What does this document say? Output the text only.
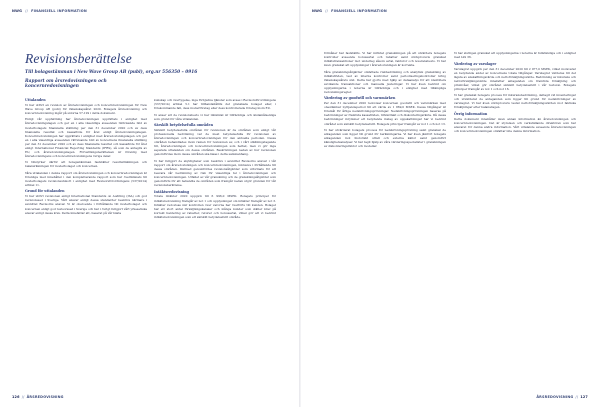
NWG // FINANSIELL INFORMATION
Revisionsberättelse
Till bolagsstämman i New Wave Group AB (publ), org.nr 556350 – 0916
Rapport om årsredovisningen och koncernredovisningen
Uttalanden

Vi har utfört en revision av årsredovisningen och koncernredovisningen för New Wave Group AB (publ) för räkenskapsåret 2020. Bolagets årsredovisning och koncernredovisning ingår på sidorna 57-129 i detta dokument.

Enligt vår uppfattning har årsredovisningen upprättats i enlighet med årsredovisningslagen och ger en i alla väsentliga avseenden rättvisande bild av moderbolagets finansiella ställning per den 31 december 2020 och av dess finansiella resultat och kassaflöde för året enligt årsredovisningslagen. Koncernredovisningen har upprättats i enlighet med årsredovisningslagen och ger en i alla väsentliga avseenden rättvisande bild av koncernens finansiella ställning per den 31 december 2020 och av dess finansiella resultat och kassaflöde för året enligt International Financial Reporting Standards (IFRS), så som de antagits av EU, och årsredovisningslagen. Förvaltningsberättelsen är förenlig med årsredovisningens och koncernredovisningens övriga delar.

Vi tillstyrker därför att bolagsstämman fastställer resultaträkningen och balansräkningen för moderbolaget och koncernen.

Våra uttalanden i denna rapport om årsredovisningen och koncernredovisningen är förenliga med innehållet i den kompletterande rapport som har överlämnats till moderbolagets revisionsutskott i enlighet med Revisorsförordningens (537/2014) artikel 11.

Grund för uttalanden

Vi har utfört revisionen enligt International Standards on Auditing (ISA) och god revisionssed i Sverige. Vårt ansvar enligt dessa standarder beskrivs närmare i avsnittet Revisorns ansvar. Vi är oberoende i förhållande till moderbolaget och koncernen enligt god revisorssed i Sverige och har i övrigt fullgjort vårt yrkesetiska ansvar enligt dessa krav. Detta innefattar att, baserat på vår bästa

kunskap och övertygelse, inga förbjudna tjänster som avses i Revisorsförordningens (537/2014) artikel 5.1 har tillhandahållits det granskade bolaget eller, i förekommande fall, dess moderföretag eller dess kontrollerade företag inom EU.

Vi anser att de revisionsbevis vi har inhämtat är tillräckliga och ändamålsenliga som grund för våra uttalanden.

Särskilt betydelsefulla områden

Särskilt betydelsefulla områden för revisionen är de områden som enligt vår professionella bedömning var de mest betydelsefulla för revisionen av årsredovisningen och koncernredovisningen för den aktuella perioden. Dessa områden behandlades inom ramen för revisionen av, och i vårt ställningstagande till, årsredovisningen och koncernredovisningen som helhet, men vi gör inga separata uttalanden om dessa områden. Beskrivningen nedan av hur revisionen genomfördes inom dessa områden ska läsas i detta sammanhang.

Vi har fullgjort de skyldigheter som beskrivs i avsnittet Revisorns ansvar i vår rapport om årsredovisningen och koncernredovisningen, inklusive i förhållande till dessa områden. Därmed genomfördes revisionsåtgärder som utformats för att besvara vår bedömning av risk för väsentliga fel i årsredovisningen och koncernredovisningen. Utfallet av vår granskning och de granskningsåtgärder som genomförts för att behandla de områden som framgår nedan utgör grunden för vår revisionsberättelse.

Intäktsredovisning

Totala intäkter 2020 uppgick till 6 996,0 MSEK. Bolagets principer för intäktsredovisning framgår av not 1 och upplysningar om intäkter framgår av not 3. Intäkter redovisas när kontrollen över varorna har överförts till kunden. Bolaget har ett stort antal försäljningskanaler och många kunder som ställer krav på korrekt hantering av rabatter, returer och bonusavtal, vilket gör att vi bedömt intäktsredovisningen som ett särskilt betydelsefullt område.

126 // ÅRSREDOVISNING
NWG // FINANSIELL INFORMATION

förmåner har fastställts. Vi har inriktat granskningen på att utvärdera bolagets kontroller avseende bonusavtal och rabatter samt stickprovsvis granskat intäktstransaktioner mot underlag såsom avtal, fakturor och leveransbevis. Vi har även granskat att upplysningar i årsredovisningen är korrekta.

Våra granskningsåtgärder omfattade riskbedömning och analytisk granskning av intäktsflöden, test av interna kontroller samt periodiseringskontroller kring räkenskapsårets slut. Detta har gjorts med hjälp av dataanalys för att identifiera avvikande transaktioner och manuella justeringar. Vi har även bedömt om upplysningarna i noterna är tillräckliga och i enlighet med tillämpliga redovisningsregler.

Värdering av goodwill och varumärken

Per den 31 december 2020 redovisar koncernen goodwill och varumärken med obestämbar nyttjandeperiod till ett värde av 1 869,0 MSEK. Dessa tillgångar är föremål för årliga nedskrivningsprövningar. Nedskrivningsprövningen baseras på bedömningar av framtida kassaflöden, tillväxttakt och diskonteringsränta. Då dessa bedömningar inrymmer ett betydande inslag av uppskattningar har vi bedömt området som särskilt betydelsefullt. Bolagets principer framgår av not 1 och not 13.

Vi har utvärderat bolagets process för nedskrivningsprövning samt granskat de antaganden som ligger till grund för beräkningarna. Vi har även jämfört bolagets antaganden mot historiskt utfall och externa källor samt genomfört känslighetsanalyser. Vi har tagit hjälp av våra värderingsspecialister i granskningen av diskonteringsräntor och modeller.

Vi har slutligen granskat att upplysningarna i noterna är fullständiga och i enlighet med IAS 36.

Värdering av varulager

Varulagret uppgick per den 31 december 2020 till 2 977,0 MSEK, vilket motsvarar en betydande andel av koncernens totala tillgångar. Varulagret värderas till det lägsta av anskaffningsvärde och nettoförsäljningsvärde. Bedömning av inkurans och nettoförsäljningsvärde innefattar antaganden om framtida försäljning och prisnivåer, vilket gör området särskilt betydelsefullt i vår revision. Bolagets principer framgår av not 1 och not 16.

Vi har granskat bolagets process för inkuransbedömning, deltagit vid inventeringar och utvärderat de antaganden som ligger till grund för nedskrivningar av varulagret. Vi har även stickprovsvis testat nettoförsäljningsvärden mot faktiska försäljningar efter balansdagen.

Övrig information

Detta dokument innehåller även annan information än årsredovisningen och koncernredovisningen. Det är styrelsen och verkställande direktören som har ansvaret för denna andra information. Vårt uttalande avseende årsredovisningen och koncernredovisningen omfattar inte denna information.

ÅRSREDOVISNING // 127
